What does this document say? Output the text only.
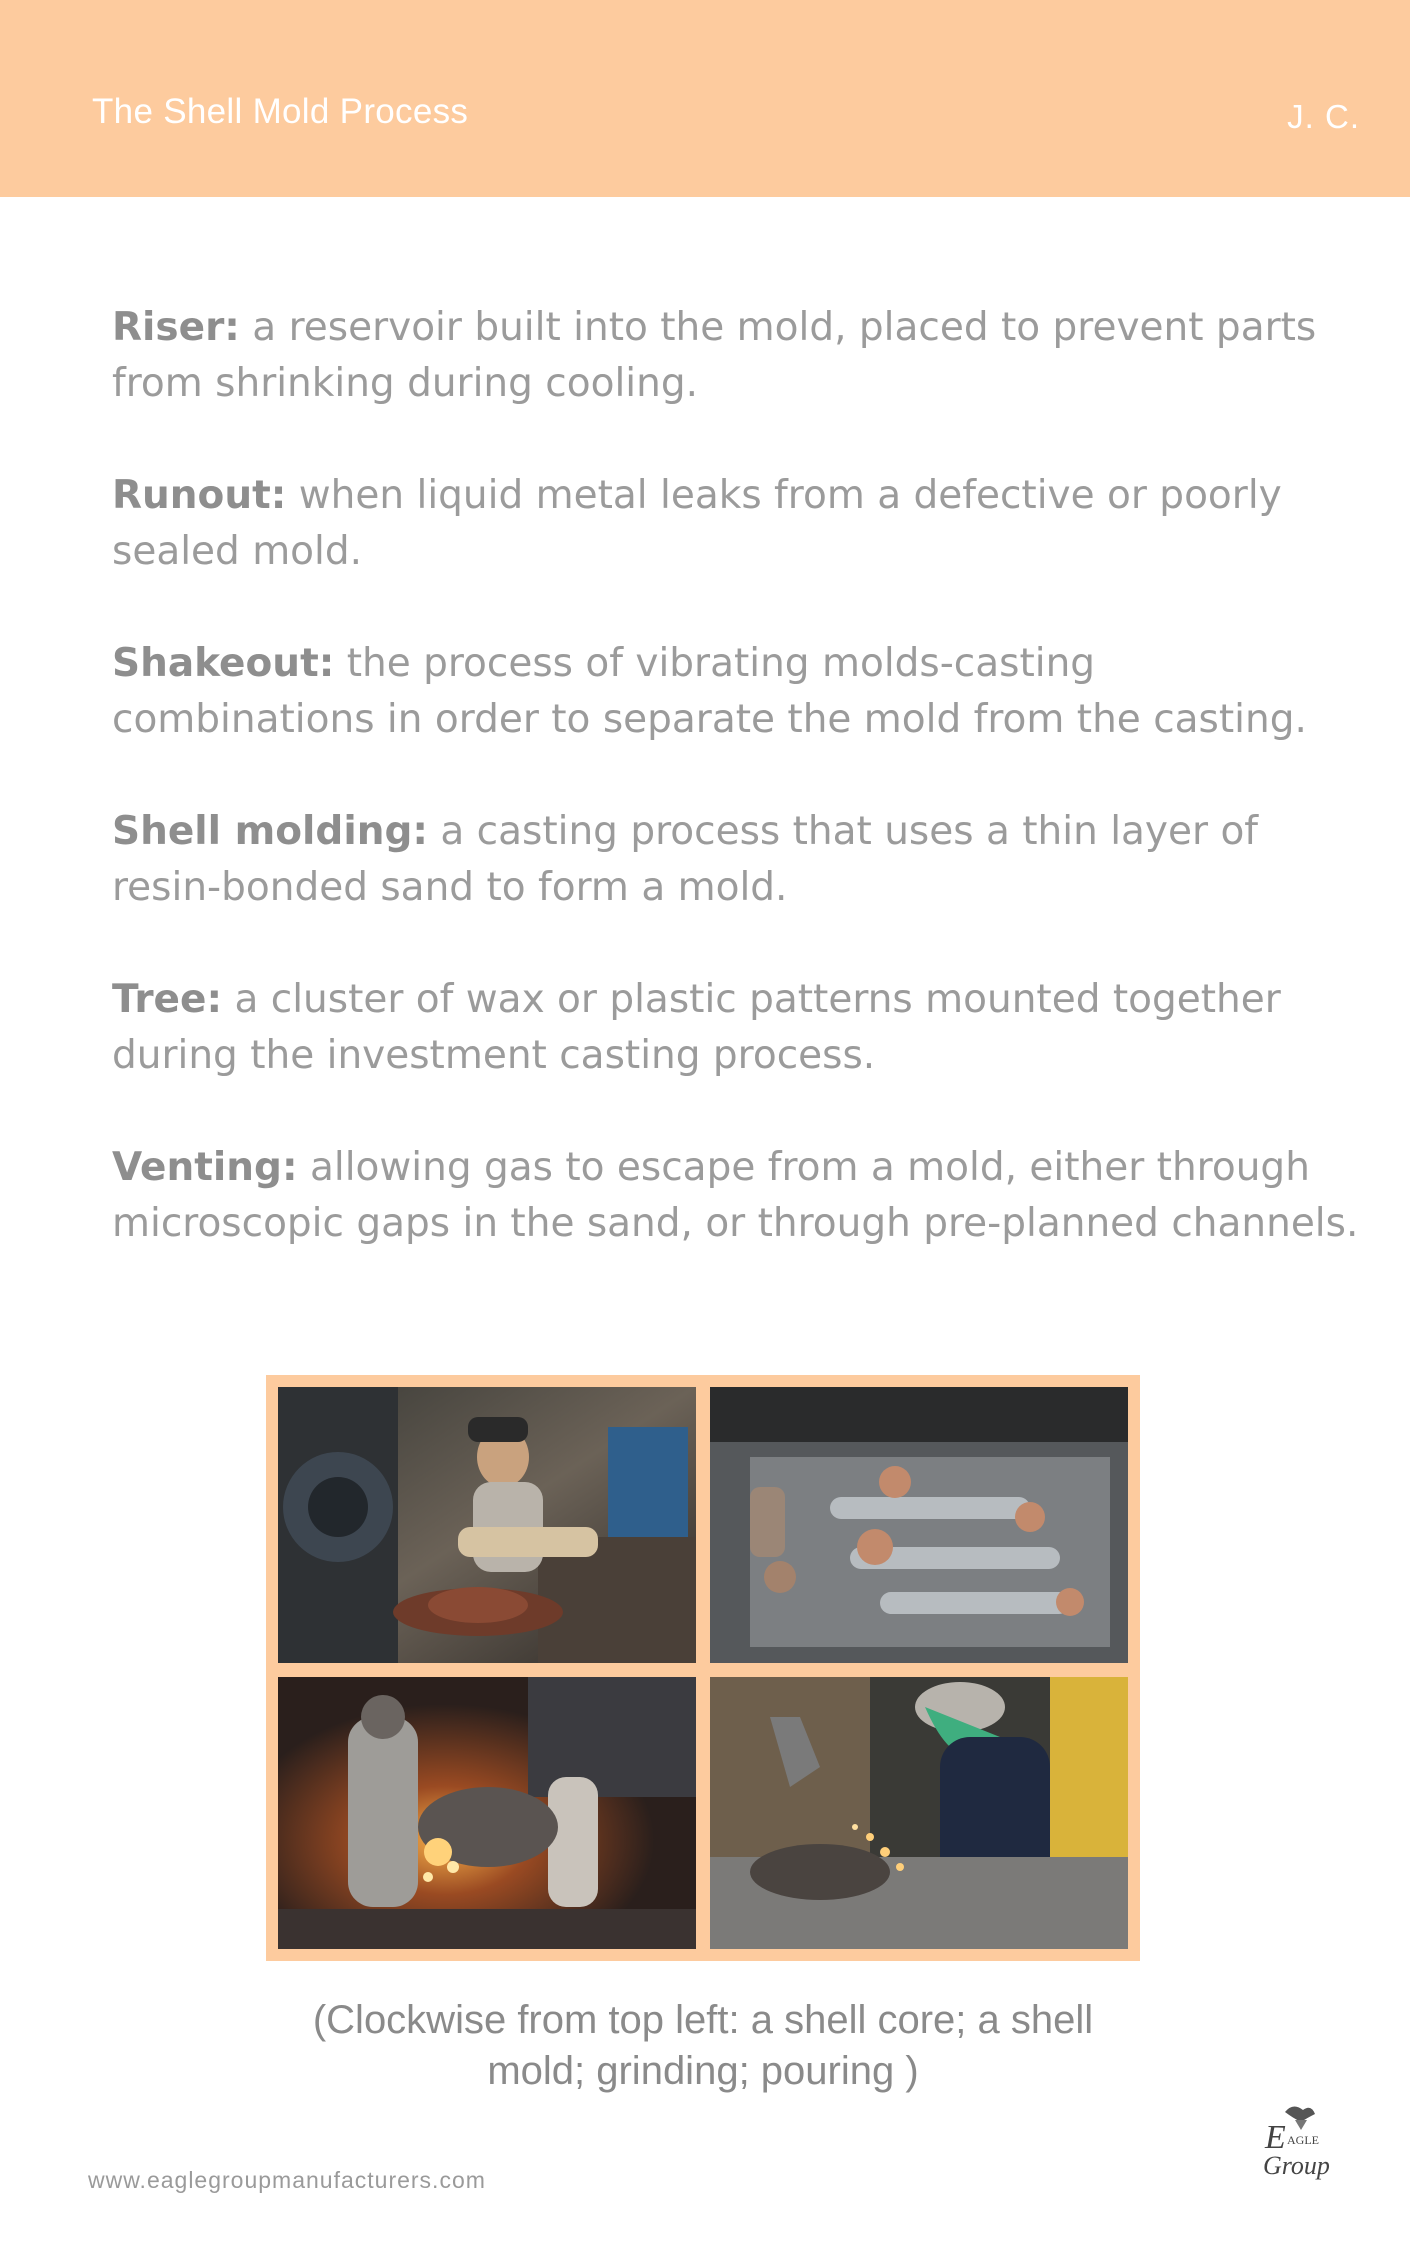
The Shell Mold Process	J. C.

Riser: a reservoir built into the mold, placed to prevent parts from shrinking during cooling.

Runout: when liquid metal leaks from a defective or poorly sealed mold.

Shakeout: the process of vibrating molds-casting combinations in order to separate the mold from the casting.

Shell molding: a casting process that uses a thin layer of resin-bonded sand to form a mold.

Tree: a cluster of wax or plastic patterns mounted together during the investment casting process.

Venting: allowing gas to escape from a mold, either through microscopic gaps in the sand, or through pre-planned channels.

(Clockwise from top left: a shell core; a shell mold; grinding; pouring )
www.eaglegroupmanufacturers.com
E AGLE
Group
